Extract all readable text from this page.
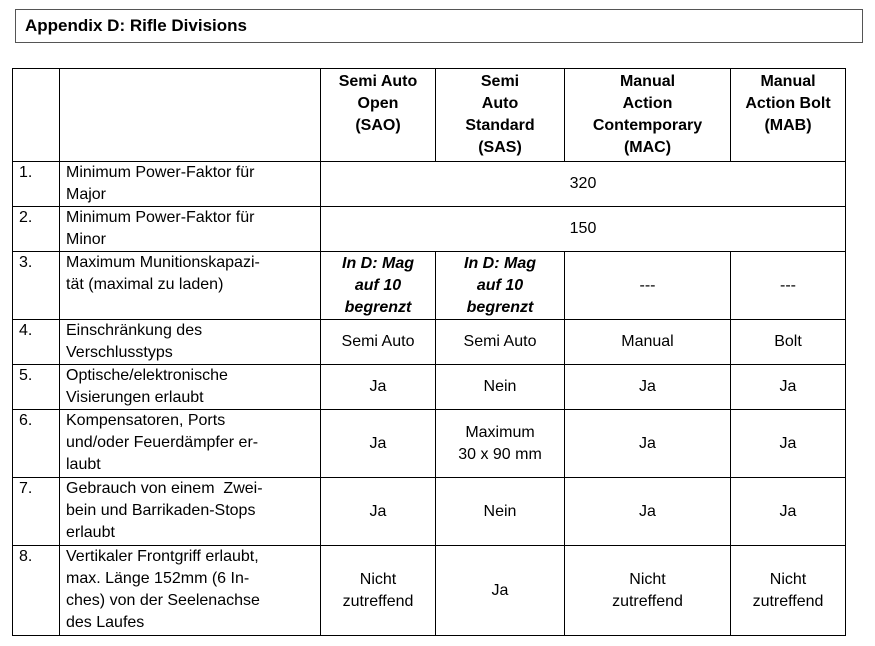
Appendix D: Rifle Divisions

		Semi Auto
Open
(SAO)	Semi
Auto
Standard
(SAS)	Manual
Action
Contemporary
(MAC)	Manual
Action Bolt
(MAB)

1.	Minimum Power-Faktor für
Major	320			
2.	Minimum Power-Faktor für
Minor	150			
3.	Maximum Munitionskapazi-
tät (maximal zu laden)	In D: Mag
auf 10
begrenzt	In D: Mag
auf 10
begrenzt	---	---
4.	Einschränkung des
Verschlusstyps	Semi Auto	Semi Auto	Manual	Bolt
5.	Optische/elektronische
Visierungen erlaubt	Ja	Nein	Ja	Ja
6.	Kompensatoren, Ports
und/oder Feuerdämpfer er-
laubt	Ja	Maximum
30 x 90 mm	Ja	Ja
7.	Gebrauch von einem  Zwei-
bein und Barrikaden-Stops
erlaubt	Ja	Nein	Ja	Ja
8.	Vertikaler Frontgriff erlaubt,
max. Länge 152mm (6 In-
ches) von der Seelenachse
des Laufes	Nicht
zutreffend	Ja	Nicht
zutreffend	Nicht
zutreffend
